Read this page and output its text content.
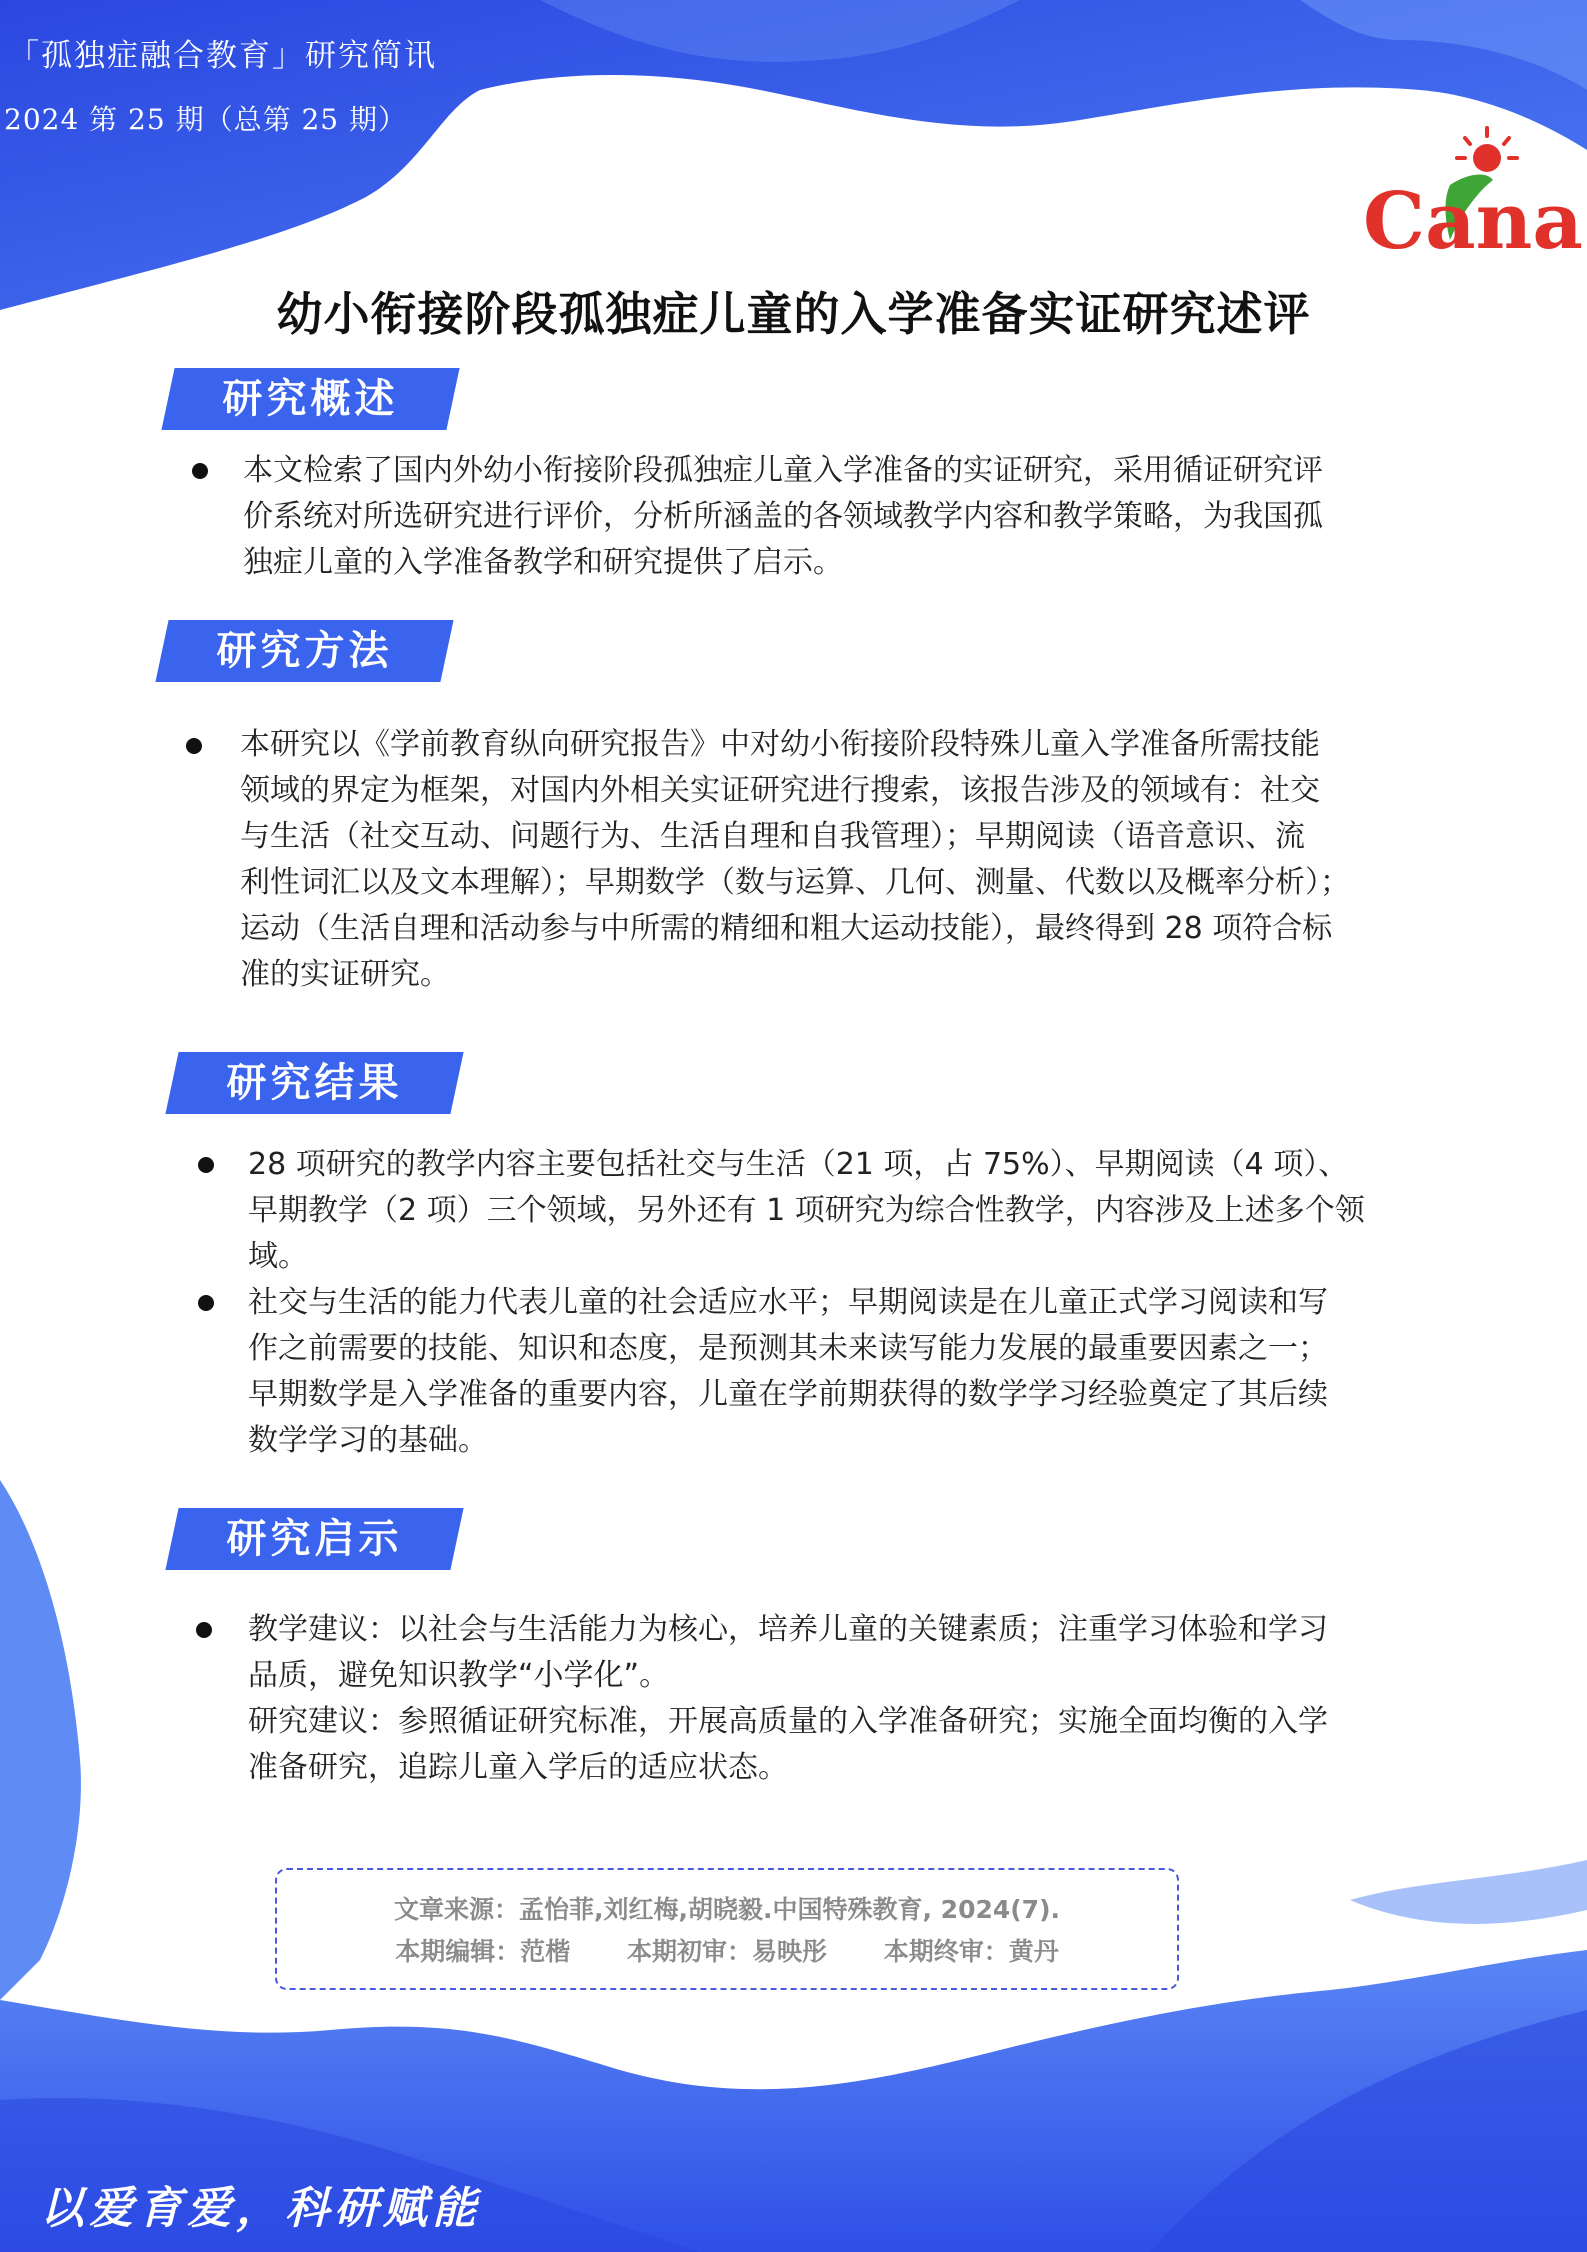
「孤独症融合教育」研究简讯
2024 第 25 期（总第 25 期）
Cana
幼小衔接阶段孤独症儿童的入学准备实证研究述评
研究概述
本文检索了国内外幼小衔接阶段孤独症儿童入学准备的实证研究，采用循证研究评
价系统对所选研究进行评价，分析所涵盖的各领域教学内容和教学策略，为我国孤
独症儿童的入学准备教学和研究提供了启示。
研究方法
本研究以《学前教育纵向研究报告》中对幼小衔接阶段特殊儿童入学准备所需技能
领域的界定为框架，对国内外相关实证研究进行搜索，该报告涉及的领域有：社交
与生活（社交互动、问题行为、生活自理和自我管理）；早期阅读（语音意识、流
利性词汇以及文本理解）；早期数学（数与运算、几何、测量、代数以及概率分析）；
运动（生活自理和活动参与中所需的精细和粗大运动技能），最终得到 28 项符合标
准的实证研究。
研究结果
28 项研究的教学内容主要包括社交与生活（21 项，占 75%）、早期阅读（4 项）、
早期教学（2 项）三个领域，另外还有 1 项研究为综合性教学，内容涉及上述多个领
域。
社交与生活的能力代表儿童的社会适应水平；早期阅读是在儿童正式学习阅读和写
作之前需要的技能、知识和态度，是预测其未来读写能力发展的最重要因素之一；
早期数学是入学准备的重要内容，儿童在学前期获得的数学学习经验奠定了其后续
数学学习的基础。
研究启示
教学建议：以社会与生活能力为核心，培养儿童的关键素质；注重学习体验和学习
品质，避免知识教学“小学化”。
研究建议：参照循证研究标准，开展高质量的入学准备研究；实施全面均衡的入学
准备研究，追踪儿童入学后的适应状态。
文章来源：孟怡菲,刘红梅,胡晓毅.中国特殊教育, 2024(7).
本期编辑：范楷 本期初审：易映彤 本期终审：黄丹
以爱育爱，科研赋能
